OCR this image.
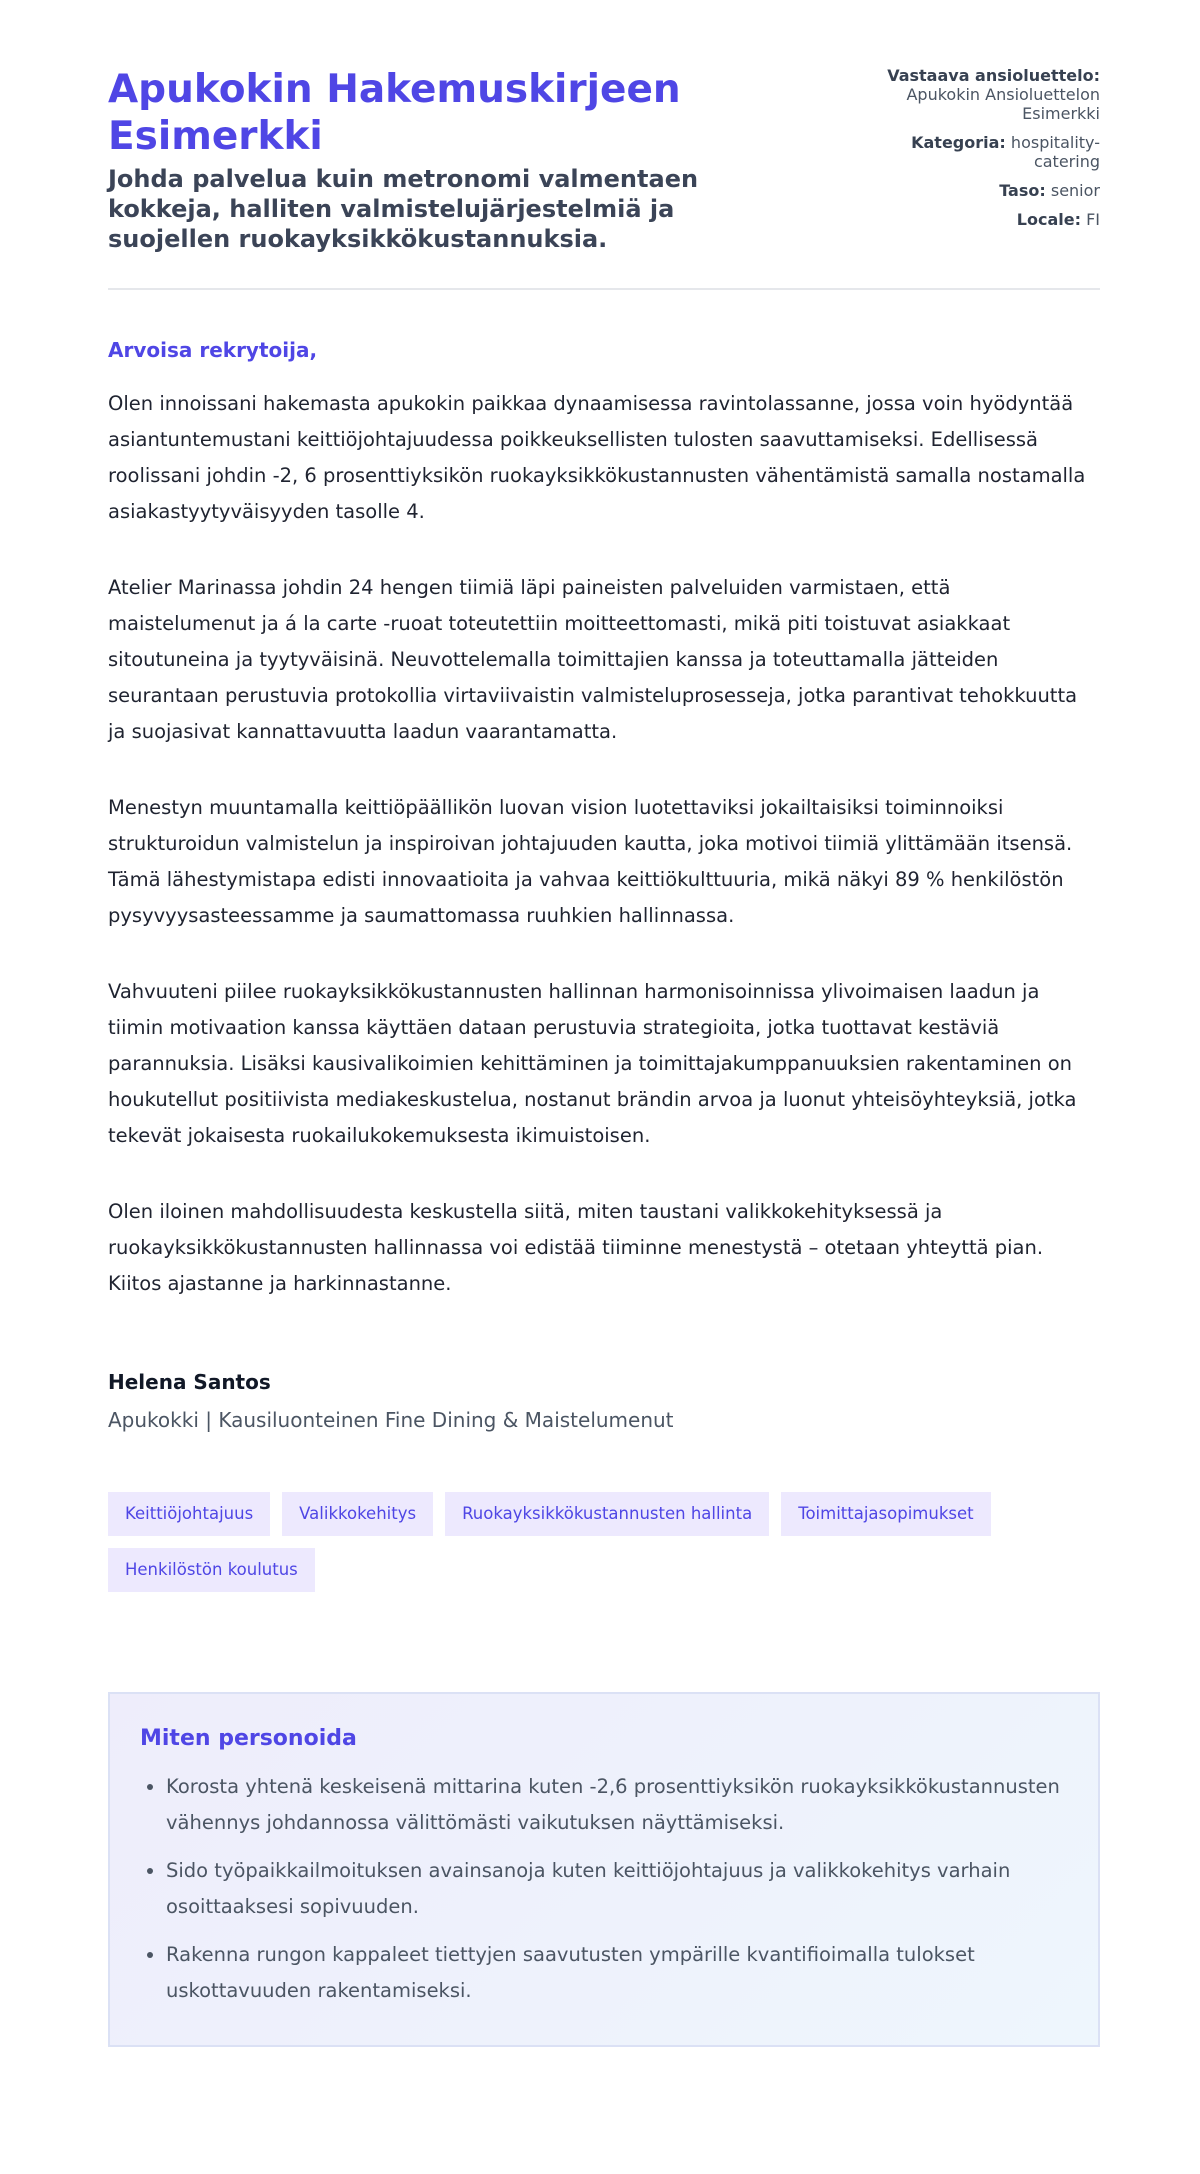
Apukokin Hakemuskirjeen Esimerkki
Johda palvelua kuin metronomi valmentaen kokkeja, halliten valmistelujärjestelmiä ja suojellen ruokayksikkökustannuksia.
Vastaava ansioluettelo: Apukokin Ansioluettelon Esimerkki
Kategoria: hospitality-catering
Taso: senior
Locale: FI
Arvoisa rekrytoija,

Olen innoissani hakemasta apukokin paikkaa dynaamisessa ravintolassanne, jossa voin hyödyntää asiantuntemustani keittiöjohtajuudessa poikkeuksellisten tulosten saavuttamiseksi. Edellisessä roolissani johdin -2, 6 prosenttiyksikön ruokayksikkökustannusten vähentämistä samalla nostamalla asiakastyytyväisyyden tasolle 4.

Atelier Marinassa johdin 24 hengen tiimiä läpi paineisten palveluiden varmistaen, että maistelumenut ja á la carte -ruoat toteutettiin moitteettomasti, mikä piti toistuvat asiakkaat sitoutuneina ja tyytyväisinä. Neuvottelemalla toimittajien kanssa ja toteuttamalla jätteiden seurantaan perustuvia protokollia virtaviivaistin valmisteluprosesseja, jotka parantivat tehokkuutta ja suojasivat kannattavuutta laadun vaarantamatta.

Menestyn muuntamalla keittiöpäällikön luovan vision luotettaviksi jokailtaisiksi toiminnoiksi strukturoidun valmistelun ja inspiroivan johtajuuden kautta, joka motivoi tiimiä ylittämään itsensä. Tämä lähestymistapa edisti innovaatioita ja vahvaa keittiökulttuuria, mikä näkyi 89 % henkilöstön pysyvyysasteessamme ja saumattomassa ruuhkien hallinnassa.

Vahvuuteni piilee ruokayksikkökustannusten hallinnan harmonisoinnissa ylivoimaisen laadun ja tiimin motivaation kanssa käyttäen dataan perustuvia strategioita, jotka tuottavat kestäviä parannuksia. Lisäksi kausivalikoimien kehittäminen ja toimittajakumppanuuksien rakentaminen on houkutellut positiivista mediakeskustelua, nostanut brändin arvoa ja luonut yhteisöyhteyksiä, jotka tekevät jokaisesta ruokailukokemuksesta ikimuistoisen.

Olen iloinen mahdollisuudesta keskustella siitä, miten taustani valikkokehityksessä ja ruokayksikkökustannusten hallinnassa voi edistää tiiminne menestystä – otetaan yhteyttä pian. Kiitos ajastanne ja harkinnastanne.

Helena Santos
Apukokki | Kausiluonteinen Fine Dining & Maistelumenut
Keittiöjohtajuus	Valikkokehitys	Ruokayksikkökustannusten hallinta	Toimittajasopimukset
Henkilöstön koulutus
Miten personoida
• Korosta yhtenä keskeisenä mittarina kuten -2,6 prosenttiyksikön ruokayksikkökustannusten vähennys johdannossa välittömästi vaikutuksen näyttämiseksi.
• Sido työpaikkailmoituksen avainsanoja kuten keittiöjohtajuus ja valikkokehitys varhain osoittaaksesi sopivuuden.
• Rakenna rungon kappaleet tiettyjen saavutusten ympärille kvantifioimalla tulokset uskottavuuden rakentamiseksi.
